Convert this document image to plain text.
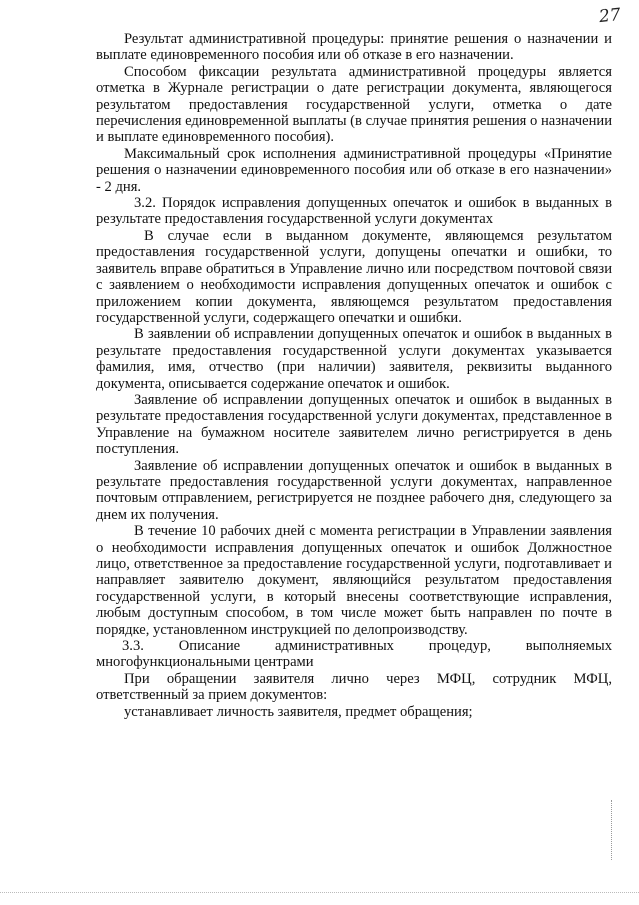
27

Результат административной процедуры: принятие решения о назначении и выплате единовременного пособия или об отказе в его назначении.

Способом фиксации результата административной процедуры является отметка в Журнале регистрации о дате регистрации документа, являющегося результатом предоставления государственной услуги, отметка о дате перечисления единовременной выплаты (в случае принятия решения о назначении и выплате единовременного пособия).

Максимальный срок исполнения административной процедуры «Принятие решения о назначении единовременного пособия или об отказе в его назначении» - 2 дня.

3.2. Порядок исправления допущенных опечаток и ошибок в выданных в результате предоставления государственной услуги документах

В случае если в выданном документе, являющемся результатом предоставления государственной услуги, допущены опечатки и ошибки, то заявитель вправе обратиться в Управление лично или посредством почтовой связи с заявлением о необходимости исправления допущенных опечаток и ошибок с приложением копии документа, являющемся результатом предоставления государственной услуги, содержащего опечатки и ошибки.

В заявлении об исправлении допущенных опечаток и ошибок в выданных в результате предоставления государственной услуги документах указывается фамилия, имя, отчество (при наличии) заявителя, реквизиты выданного документа, описывается содержание опечаток и ошибок.

Заявление об исправлении допущенных опечаток и ошибок в выданных в результате предоставления государственной услуги документах, представленное в Управление на бумажном носителе заявителем лично регистрируется в день поступления.

Заявление об исправлении допущенных опечаток и ошибок в выданных в результате предоставления государственной услуги документах, направленное почтовым отправлением, регистрируется не позднее рабочего дня, следующего за днем их получения.

В течение 10 рабочих дней с момента регистрации в Управлении заявления о необходимости исправления допущенных опечаток и ошибок Должностное лицо, ответственное за предоставление государственной услуги, подготавливает и направляет заявителю документ, являющийся результатом предоставления государственной услуги, в который внесены соответствующие исправления, любым доступным способом, в том числе может быть направлен по почте в порядке, установленном инструкцией по делопроизводству.

3.3. Описание административных процедур, выполняемых многофункциональными центрами

При обращении заявителя лично через МФЦ, сотрудник МФЦ, ответственный за прием документов:

устанавливает личность заявителя, предмет обращения;
